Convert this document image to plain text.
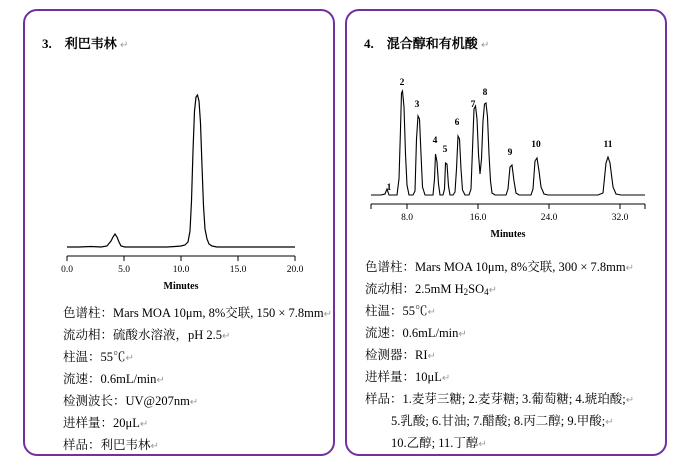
3. 利巴韦林 ↵
0.0	5.0	10.0	15.0	20.0
Minutes
色谱柱：Mars MOA 10μm, 8%交联, 150 × 7.8mm↵
流动相：硫酸水溶液，pH 2.5↵
柱温：55℃↵
流速：0.6mL/min↵
检测波长：UV@207nm↵
进样量：20μL↵
样品：利巴韦林↵
4. 混合醇和有机酸 ↵
1
2
3
4
5
6
7
8
9
10	11
8.0	16.0	24.0	32.0
Minutes
色谱柱：Mars MOA 10μm, 8%交联, 300 × 7.8mm↵
流动相：2.5mM $H_2SO_4↵$
柱温：55℃↵
流速：0.6mL/min↵
检测器：RI↵
进样量：10μL↵
样品：1.麦芽三糖; 2.麦芽糖; 3.葡萄糖; 4.琥珀酸;↵
5.乳酸; 6.甘油; 7.醋酸; 8.丙二醇; 9.甲酸;↵
10.乙醇; 11.丁醇↵
